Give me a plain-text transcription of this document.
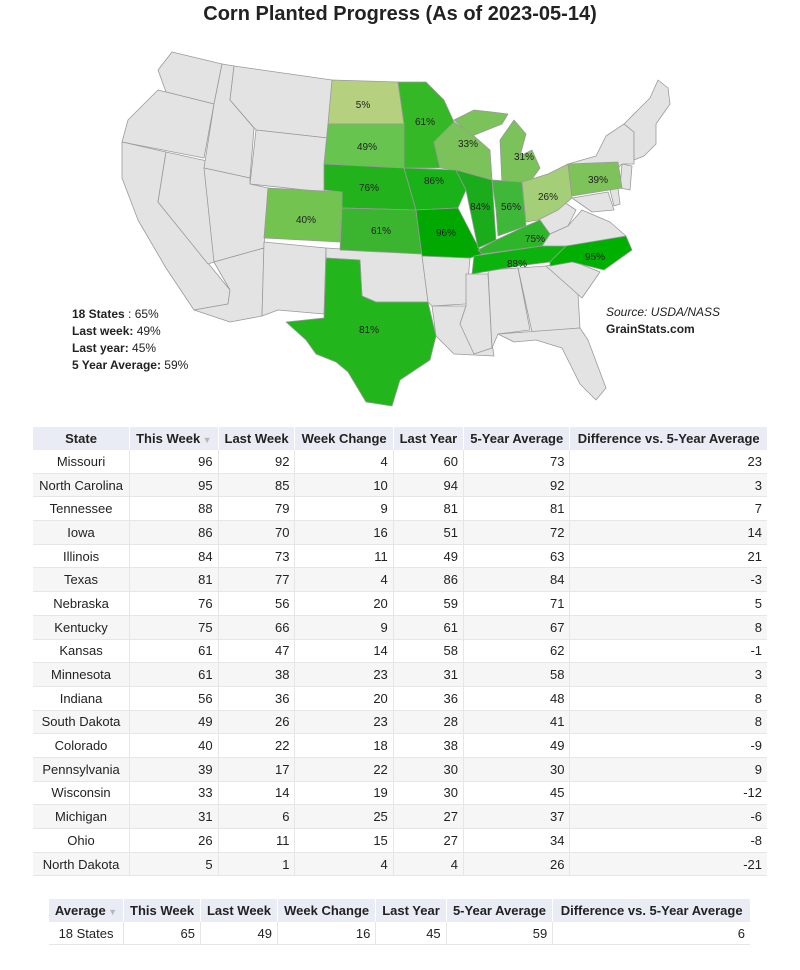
Corn Planted Progress (As of 2023-05-14)
5%
61%
49%	33%
31%
76%
86%	39%
26%
56%
84%
40%
61%	96%
75%
95%
88%
81%
18 States : 65%
Last week: 49%
Last year: 45%
5 Year Average: 59%
Source: USDA/NASS
GrainStats.com
State	This Week ▼	Last Week	Week Change	Last Year	5-Year Average	Difference vs. 5-Year Average
Missouri	96	92	4	60	73	23
North Carolina	95	85	10	94	92	3
Tennessee	88	79	9	81	81	7
Iowa	86	70	16	51	72	14
Illinois	84	73	11	49	63	21
Texas	81	77	4	86	84	-3
Nebraska	76	56	20	59	71	5
Kentucky	75	66	9	61	67	8
Kansas	61	47	14	58	62	-1
Minnesota	61	38	23	31	58	3
Indiana	56	36	20	36	48	8
South Dakota	49	26	23	28	41	8
Colorado	40	22	18	38	49	-9
Pennsylvania	39	17	22	30	30	9
Wisconsin	33	14	19	30	45	-12
Michigan	31	6	25	27	37	-6
Ohio	26	11	15	27	34	-8
North Dakota	5	1	4	4	26	-21
Average ▼	This Week	Last Week	Week Change	Last Year	5-Year Average	Difference vs. 5-Year Average
18 States	65	49	16	45	59	6
